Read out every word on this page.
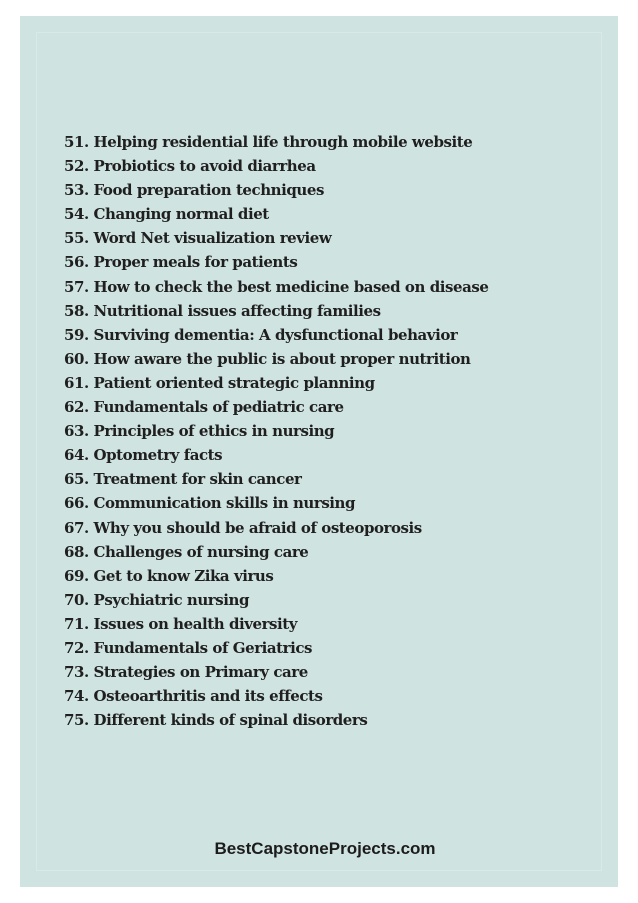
51. Helping residential life through mobile website
52. Probiotics to avoid diarrhea
53. Food preparation techniques
54. Changing normal diet
55. Word Net visualization review
56. Proper meals for patients
57. How to check the best medicine based on disease
58. Nutritional issues affecting families
59. Surviving dementia: A dysfunctional behavior
60. How aware the public is about proper nutrition
61. Patient oriented strategic planning
62. Fundamentals of pediatric care
63. Principles of ethics in nursing
64. Optometry facts
65. Treatment for skin cancer
66. Communication skills in nursing
67. Why you should be afraid of osteoporosis
68. Challenges of nursing care
69. Get to know Zika virus
70. Psychiatric nursing
71. Issues on health diversity
72. Fundamentals of Geriatrics
73. Strategies on Primary care
74. Osteoarthritis and its effects
75. Different kinds of spinal disorders
BestCapstoneProjects.com
